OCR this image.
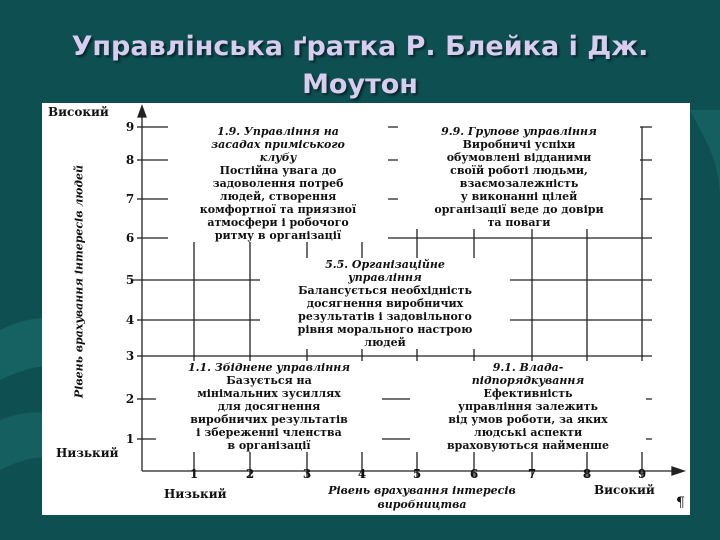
Управлінська ґратка Р. Блейка і Дж.
Моутон
Високий
Низький
9
8
7
6
5
4
3
2
1
1	2	3	4	5	6	7	8	9
Низький	Високий
Рівень врахування інтересів людей
Рівень врахування інтересів
виробництва
1.9. Управління на
засадах приміського
клубу
Постійна увага до
задоволення потреб
людей, створення
комфортної та приязної
атмосфери і робочого
ритму в організації
9.9. Групове управління
Виробничі успіхи
обумовлені відданими
своїй роботі людьми,
взаємозалежність
у виконанні цілей
організації веде до довіри
та поваги
5.5. Організаційне
управління
Балансується необхідність
досягнення виробничих
результатів і задовільного
рівня морального настрою
людей
1.1. Збіднене управління
Базується на
мінімальних зусиллях
для досягнення
виробничих результатів
і збереженні членства
в організації
9.1. Влада-
підпорядкування
Ефективність
управління залежить
від умов роботи, за яких
людські аспекти
враховуються найменше
¶
